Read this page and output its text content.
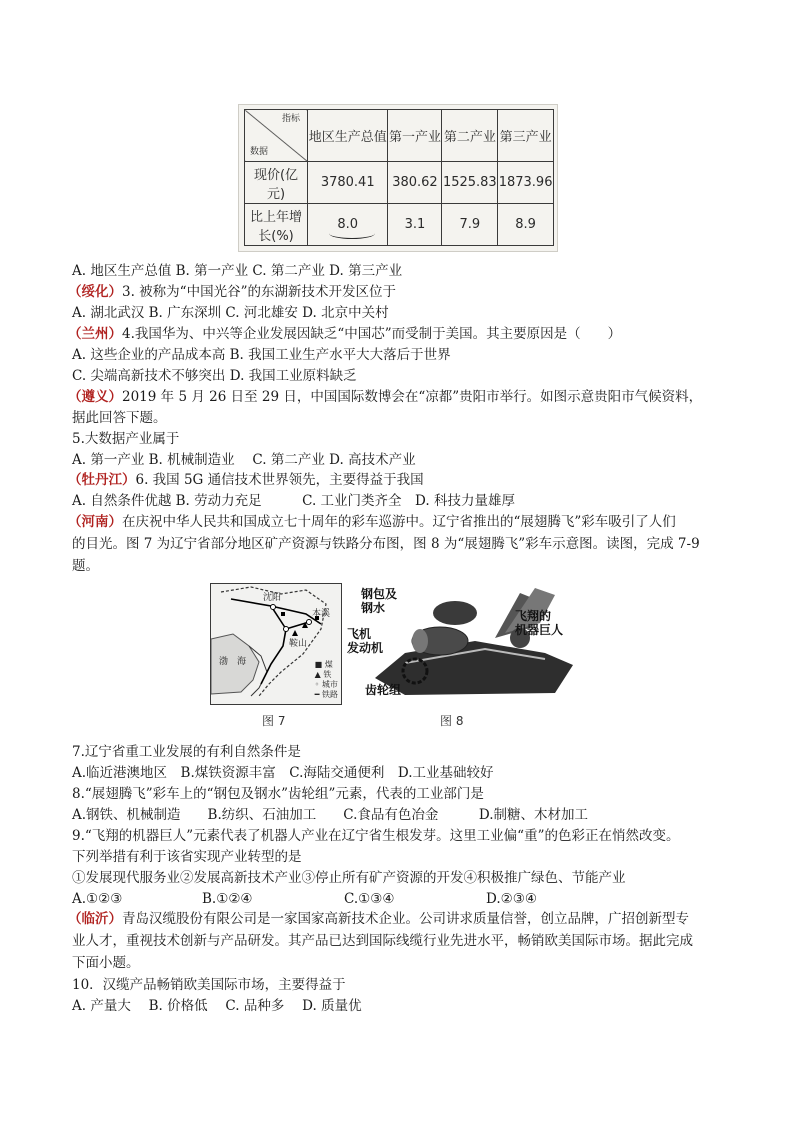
指标
数据	地区生产总值	第一产业	第二产业	第三产业
现价(亿元)	3780.41	380.62	1525.83	1873.96
比上年增长(%)	8.0	3.1	7.9	8.9
A. 地区生产总值 B. 第一产业 C. 第二产业 D. 第三产业
（绥化）3. 被称为“中国光谷”的东湖新技术开发区位于
A. 湖北武汉 B. 广东深圳 C. 河北雄安 D. 北京中关村
（兰州）4.我国华为、中兴等企业发展因缺乏“中国芯”而受制于美国。其主要原因是（　　）
A. 这些企业的产品成本高 B. 我国工业生产水平大大落后于世界
C. 尖端高新技术不够突出 D. 我国工业原料缺乏
（遵义）2019 年 5 月 26 日至 29 日，中国国际数博会在“凉都”贵阳市举行。如图示意贵阳市气候资料，
据此回答下题。
5.大数据产业属于
A. 第一产业 B. 机械制造业　 C. 第二产业 D. 高技术产业
（牡丹江）6. 我国 5G 通信技术世界领先，主要得益于我国
A. 自然条件优越 B. 劳动力充足　　　C. 工业门类齐全　D. 科技力量雄厚
（河南）在庆祝中华人民共和国成立七十周年的彩车巡游中。辽宁省推出的“展翅腾飞”彩车吸引了人们
的目光。图 7 为辽宁省部分地区矿产资源与铁路分布图，图 8 为“展翅腾飞”彩车示意图。读图，完成 7-9
题。
沈阳
本溪
鞍山
渤　海	■ 煤
▲ 铁
◦ 城市
━ 铁路
图 7
钢包及
钢水
飞翔的
机器巨人
飞机
发动机
齿轮组
图 8
7.辽宁省重工业发展的有利自然条件是
A.临近港澳地区　B.煤铁资源丰富　C.海陆交通便利　D.工业基础较好
8.“展翅腾飞”彩车上的“钢包及钢水”齿轮组”元素，代表的工业部门是
A.钢铁、机械制造　　B.纺织、石油加工　　C.食品有色冶金　　　D.制糖、木材加工
9.“飞翔的机器巨人”元素代表了机器人产业在辽宁省生根发芽。这里工业偏“重”的色彩正在悄然改变。
下列举措有利于该省实现产业转型的是
①发展现代服务业②发展高新技术产业③停止所有矿产资源的开发④积极推广绿色、节能产业
A.①②③	B.①②④	C.①③④	D.②③④
（临沂）青岛汉缆股份有限公司是一家国家高新技术企业。公司讲求质量信誉，创立品牌，广招创新型专
业人才，重视技术创新与产品研发。其产品已达到国际线缆行业先进水平，畅销欧美国际市场。据此完成
下面小题。
10．汉缆产品畅销欧美国际市场，主要得益于
A. 产量大　 B. 价格低　 C. 品种多　 D. 质量优
